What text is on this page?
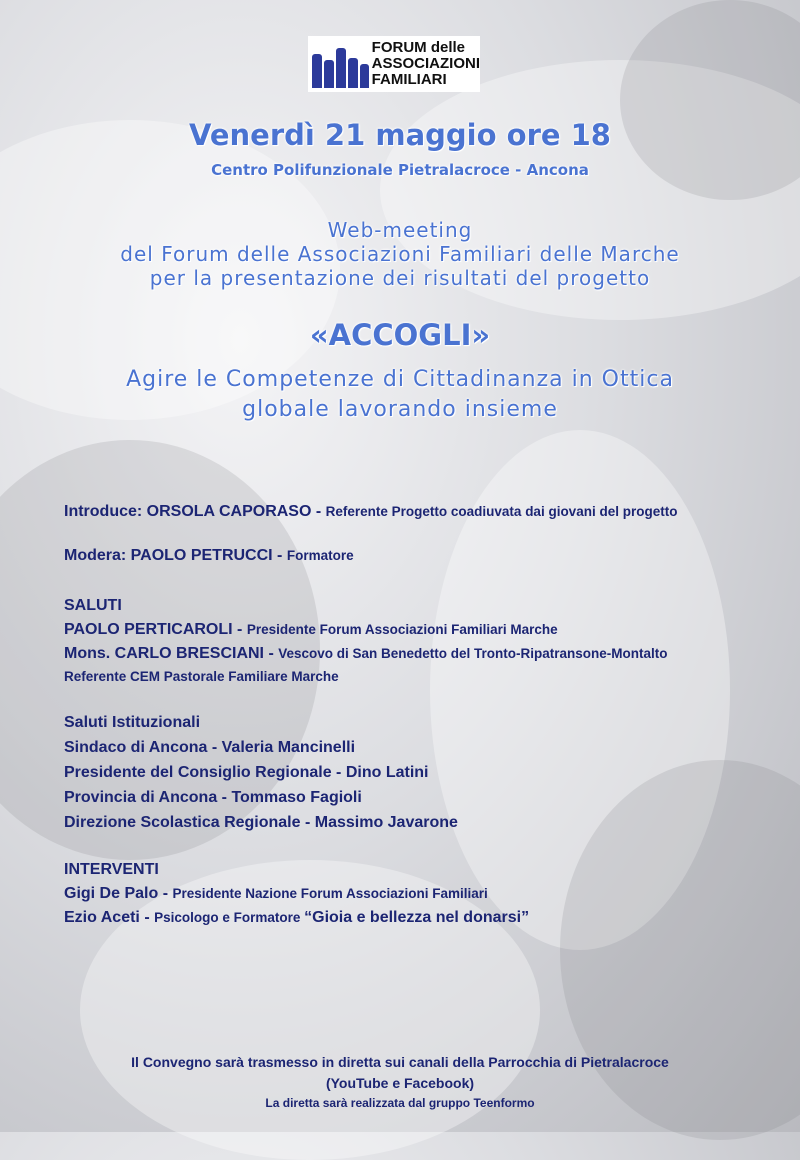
FORUM delle
ASSOCIAZIONI
FAMILIARI
Venerdì 21 maggio ore 18
Centro Polifunzionale Pietralacroce - Ancona
Web-meeting
del Forum delle Associazioni Familiari delle Marche
per la presentazione dei risultati del progetto
«ACCOGLI»
Agire le Competenze di Cittadinanza in Ottica
globale lavorando insieme
Introduce: ORSOLA CAPORASO - Referente Progetto coadiuvata dai giovani del progetto
Modera: PAOLO PETRUCCI - Formatore
SALUTI
PAOLO PERTICAROLI - Presidente Forum Associazioni Familiari Marche
Mons. CARLO BRESCIANI - Vescovo di San Benedetto del Tronto-Ripatransone-Montalto
Referente CEM Pastorale Familiare Marche
Saluti Istituzionali
Sindaco di Ancona - Valeria Mancinelli
Presidente del Consiglio Regionale - Dino Latini
Provincia di Ancona - Tommaso Fagioli
Direzione Scolastica Regionale - Massimo Javarone
INTERVENTI
Gigi De Palo - Presidente Nazione Forum Associazioni Familiari
Ezio Aceti - Psicologo e Formatore “Gioia e bellezza nel donarsi”
Il Convegno sarà trasmesso in diretta sui canali della Parrocchia di Pietralacroce
(YouTube e Facebook)
La diretta sarà realizzata dal gruppo Teenformo
